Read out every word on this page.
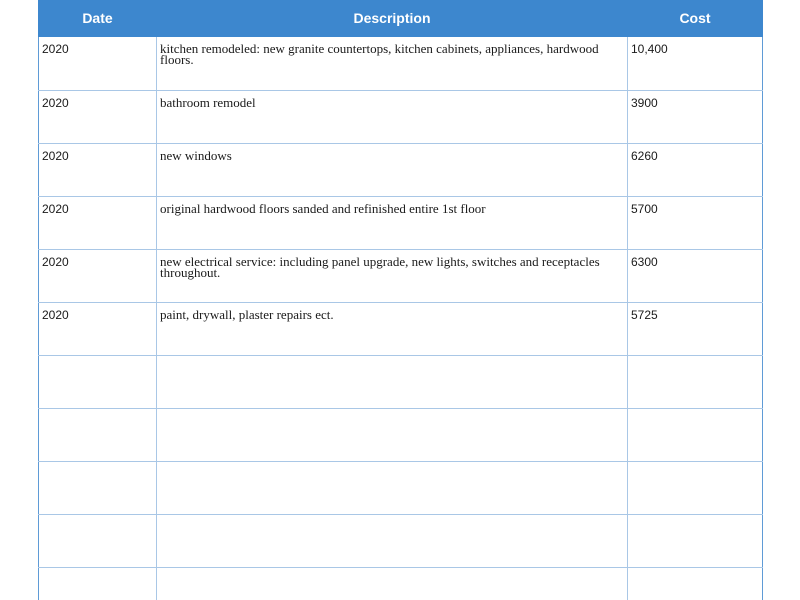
Date	Description	Cost
2020	kitchen remodeled: new granite countertops, kitchen cabinets, appliances, hardwood floors.	10,400
2020	bathroom remodel	3900
2020	new windows	6260
2020	original hardwood floors sanded and refinished entire 1st floor	5700
2020	new electrical service: including panel upgrade, new lights, switches and receptacles throughout.	6300
2020	paint, drywall, plaster repairs ect.	5725
